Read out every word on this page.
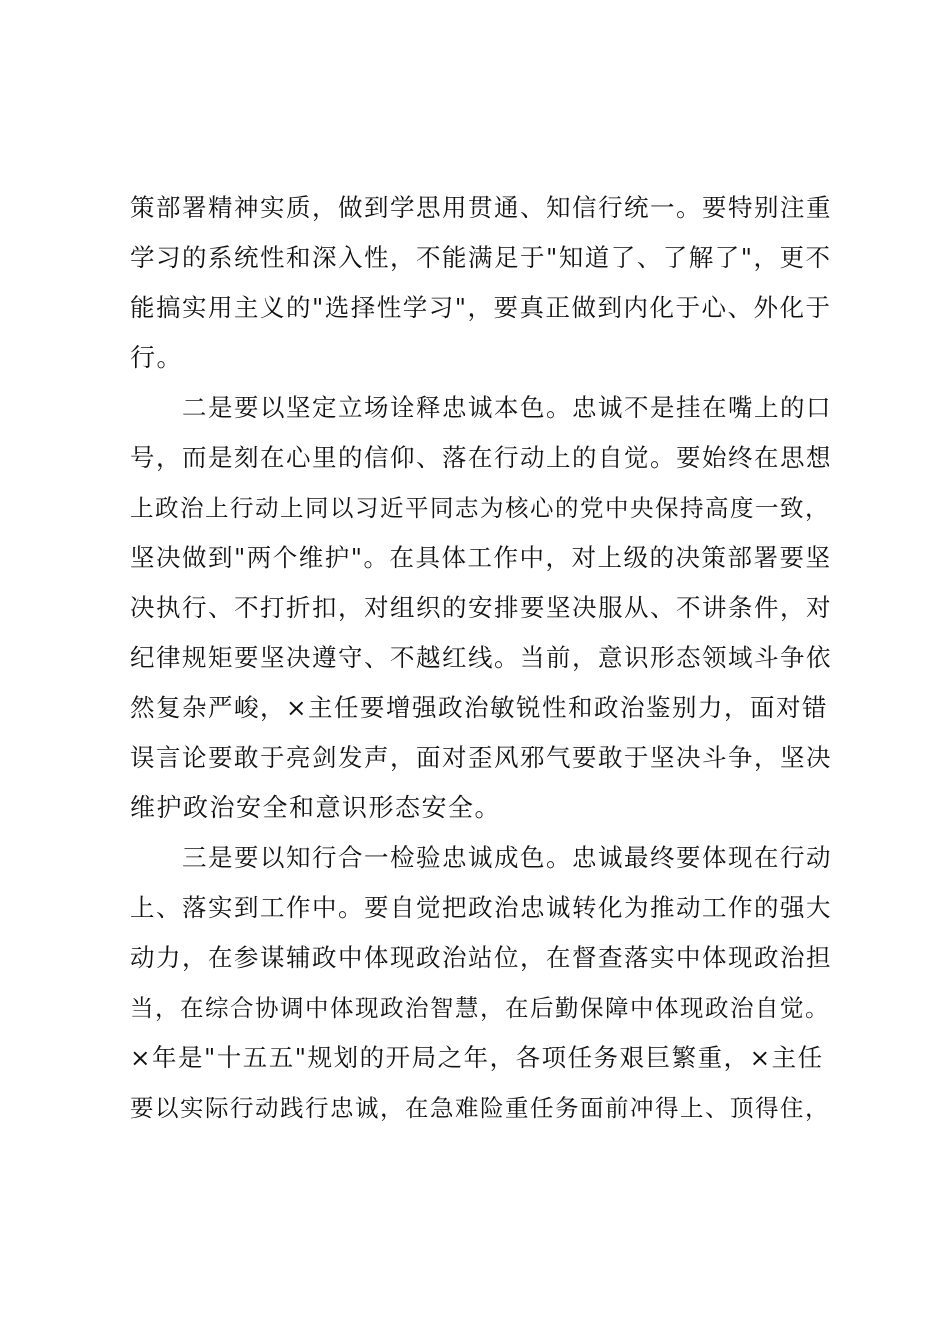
策部署精神实质，做到学思用贯通、知信行统一。要特别注重
学习的系统性和深入性，不能满足于"知道了、了解了"，更不
能搞实用主义的"选择性学习"，要真正做到内化于心、外化于
行。
　　二是要以坚定立场诠释忠诚本色。忠诚不是挂在嘴上的口
号，而是刻在心里的信仰、落在行动上的自觉。要始终在思想
上政治上行动上同以习近平同志为核心的党中央保持高度一致，
坚决做到"两个维护"。在具体工作中，对上级的决策部署要坚
决执行、不打折扣，对组织的安排要坚决服从、不讲条件，对
纪律规矩要坚决遵守、不越红线。当前，意识形态领域斗争依
然复杂严峻，×主任要增强政治敏锐性和政治鉴别力，面对错
误言论要敢于亮剑发声，面对歪风邪气要敢于坚决斗争，坚决
维护政治安全和意识形态安全。
　　三是要以知行合一检验忠诚成色。忠诚最终要体现在行动
上、落实到工作中。要自觉把政治忠诚转化为推动工作的强大
动力，在参谋辅政中体现政治站位，在督查落实中体现政治担
当，在综合协调中体现政治智慧，在后勤保障中体现政治自觉。
×年是"十五五"规划的开局之年，各项任务艰巨繁重，×主任
要以实际行动践行忠诚，在急难险重任务面前冲得上、顶得住，
